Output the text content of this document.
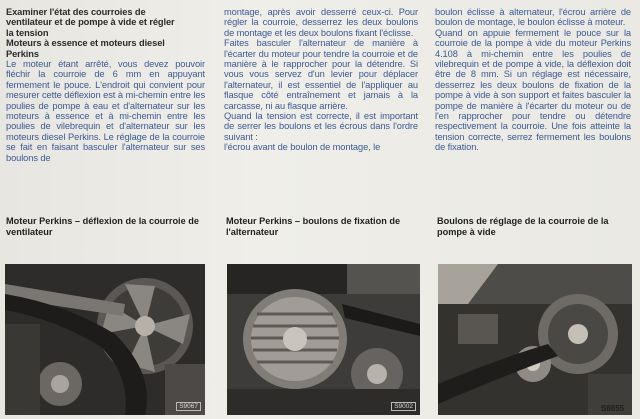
Examiner l'état des courroies de
ventilateur et de pompe à vide et régler
la tension

Moteurs à essence et moteurs diesel
Perkins

Le moteur étant arrêté, vous devez pouvoir fléchir la courroie de 6 mm en appuyant fermement le pouce. L'endroit qui convient pour mesurer cette déflexion est à mi-chemin entre les poulies de pompe à eau et d'alternateur sur les moteurs à essence et à mi-chemin entre les poulies de vilebrequin et d'alternateur sur les moteurs diesel Perkins. Le réglage de la courroie se fait en faisant basculer l'alternateur sur ses boulons de

montage, après avoir desserré ceux-ci. Pour régler la courroie, desserrez les deux boulons de montage et les deux boulons fixant l'éclisse.

Faites basculer l'alternateur de manière à l'écarter du moteur pour tendre la courroie et de manière à le rapprocher pour la détendre. Si vous vous servez d'un levier pour déplacer l'alternateur, il est essentiel de l'appliquer au flasque côté entraînement et jamais à la carcasse, ni au flasque arrière.

Quand la tension est correcte, il est important de serrer les boulons et les écrous dans l'ordre suivant :

l'écrou avant de boulon de montage, le

boulon éclisse à alternateur, l'écrou arrière de boulon de montage, le boulon éclisse à moteur.

Quand on appuie fermement le pouce sur la courroie de la pompe à vide du moteur Perkins 4.108 à mi-chemin entre les poulies de vilebrequin et de pompe à vide, la déflexion doit être de 8 mm. Si un réglage est nécessaire, desserrez les deux boulons de fixation de la pompe à vide à son support et faites basculer la pompe de manière à l'écarter du moteur ou de l'en rapprocher pour tendre ou détendre respectivement la courroie. Une fois atteinte la tension correcte, serrez fermement les boulons de fixation.

Moteur Perkins – déflexion de la courroie de ventilateur
Moteur Perkins – boulons de fixation de l'alternateur
Boulons de réglage de la courroie de la pompe à vide
S9067	S9002	S8855
